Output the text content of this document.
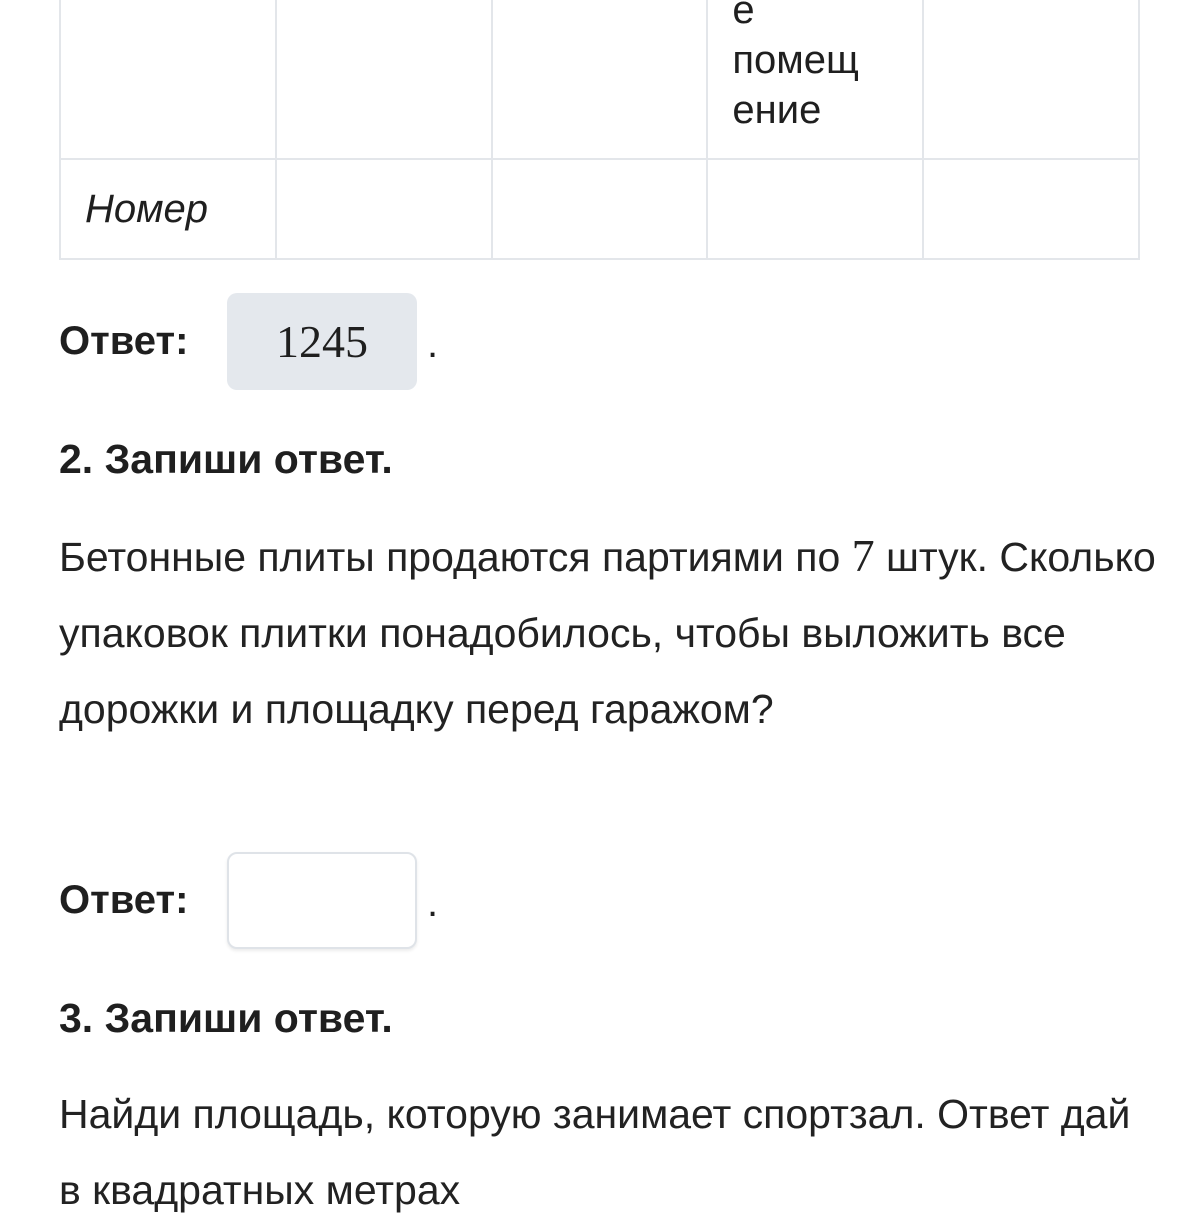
			е
помещ
ение	

Номер				
Ответ:	1245 .
2. Запиши ответ.

Бетонные плиты продаются партиями по 7 штук. Сколько упаковок плитки понадобилось, чтобы выложить все дорожки и площадку перед гаражом?

Ответ:	.
3. Запиши ответ.

Найди площадь, которую занимает спортзал. Ответ дай в квадратных метрах
